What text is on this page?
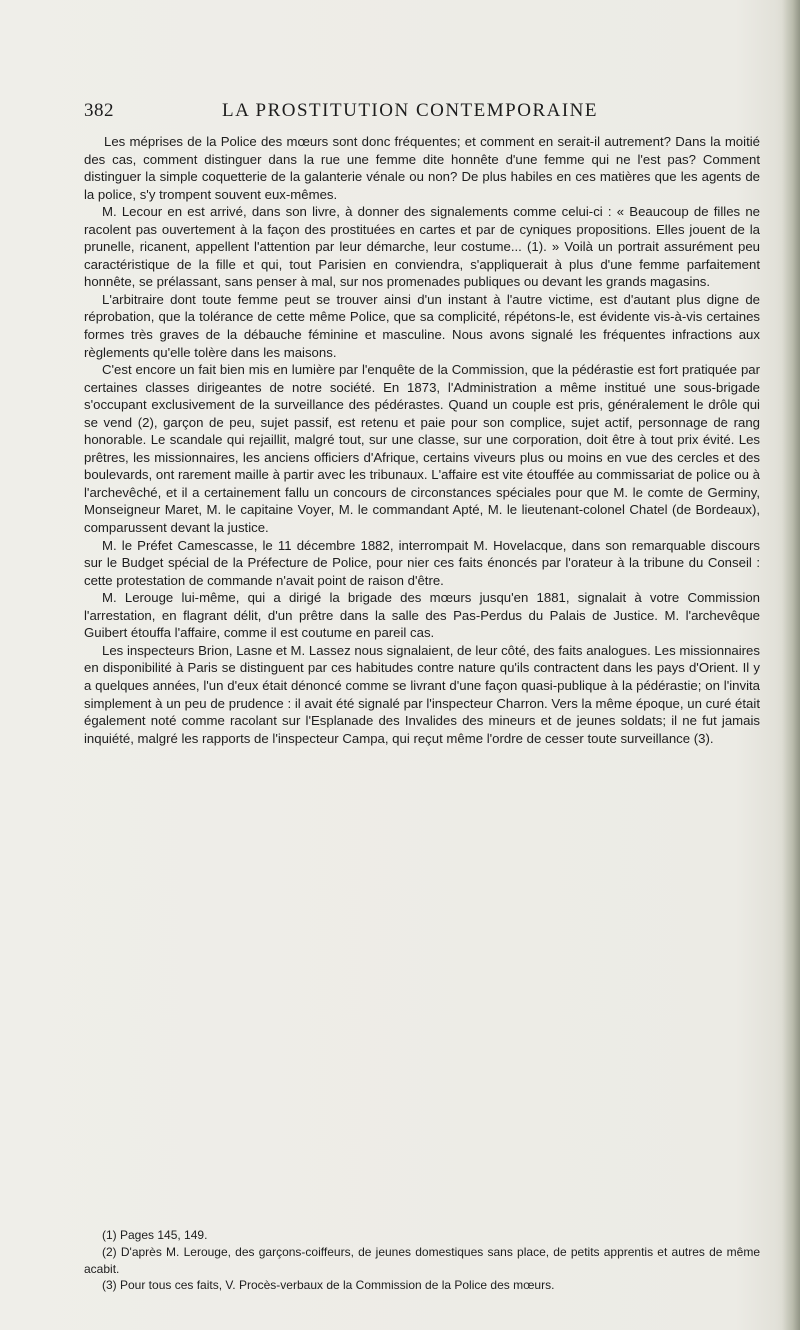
382	LA PROSTITUTION CONTEMPORAINE

Les méprises de la Police des mœurs sont donc fréquentes; et comment en serait-il autrement? Dans la moitié des cas, comment distinguer dans la rue une femme dite honnête d'une femme qui ne l'est pas? Comment distinguer la simple coquetterie de la galanterie vénale ou non? De plus habiles en ces matières que les agents de la police, s'y trompent souvent eux-mêmes.

M. Lecour en est arrivé, dans son livre, à donner des signalements comme celui-ci : « Beaucoup de filles ne racolent pas ouvertement à la façon des prostituées en cartes et par de cyniques propositions. Elles jouent de la prunelle, ricanent, appellent l'attention par leur démarche, leur costume... (1). » Voilà un portrait assurément peu caractéristique de la fille et qui, tout Parisien en conviendra, s'appliquerait à plus d'une femme parfaitement honnête, se prélassant, sans penser à mal, sur nos promenades publiques ou devant les grands magasins.

L'arbitraire dont toute femme peut se trouver ainsi d'un instant à l'autre victime, est d'autant plus digne de réprobation, que la tolérance de cette même Police, que sa complicité, répétons-le, est évidente vis-à-vis certaines formes très graves de la débauche féminine et masculine. Nous avons signalé les fréquentes infractions aux règlements qu'elle tolère dans les maisons.

C'est encore un fait bien mis en lumière par l'enquête de la Commission, que la pédérastie est fort pratiquée par certaines classes dirigeantes de notre société. En 1873, l'Administration a même institué une sous-brigade s'occupant exclusivement de la surveillance des pédérastes. Quand un couple est pris, généralement le drôle qui se vend (2), garçon de peu, sujet passif, est retenu et paie pour son complice, sujet actif, personnage de rang honorable. Le scandale qui rejaillit, malgré tout, sur une classe, sur une corporation, doit être à tout prix évité. Les prêtres, les missionnaires, les anciens officiers d'Afrique, certains viveurs plus ou moins en vue des cercles et des boulevards, ont rarement maille à partir avec les tribunaux. L'affaire est vite étouffée au commissariat de police ou à l'archevêché, et il a certainement fallu un concours de circonstances spéciales pour que M. le comte de Germiny, Monseigneur Maret, M. le capitaine Voyer, M. le commandant Apté, M. le lieutenant-colonel Chatel (de Bordeaux), comparussent devant la justice.

M. le Préfet Camescasse, le 11 décembre 1882, interrompait M. Hovelacque, dans son remarquable discours sur le Budget spécial de la Préfecture de Police, pour nier ces faits énoncés par l'orateur à la tribune du Conseil : cette protestation de commande n'avait point de raison d'être.

M. Lerouge lui-même, qui a dirigé la brigade des mœurs jusqu'en 1881, signalait à votre Commission l'arrestation, en flagrant délit, d'un prêtre dans la salle des Pas-Perdus du Palais de Justice. M. l'archevêque Guibert étouffa l'affaire, comme il est coutume en pareil cas.

Les inspecteurs Brion, Lasne et M. Lassez nous signalaient, de leur côté, des faits analogues. Les missionnaires en disponibilité à Paris se distinguent par ces habitudes contre nature qu'ils contractent dans les pays d'Orient. Il y a quelques années, l'un d'eux était dénoncé comme se livrant d'une façon quasi-publique à la pédérastie; on l'invita simplement à un peu de prudence : il avait été signalé par l'inspecteur Charron. Vers la même époque, un curé était également noté comme racolant sur l'Esplanade des Invalides des mineurs et de jeunes soldats; il ne fut jamais inquiété, malgré les rapports de l'inspecteur Campa, qui reçut même l'ordre de cesser toute surveillance (3).

(1) Pages 145, 149.

(2) D'après M. Lerouge, des garçons-coiffeurs, de jeunes domestiques sans place, de petits apprentis et autres de même acabit.

(3) Pour tous ces faits, V. Procès-verbaux de la Commission de la Police des mœurs.
